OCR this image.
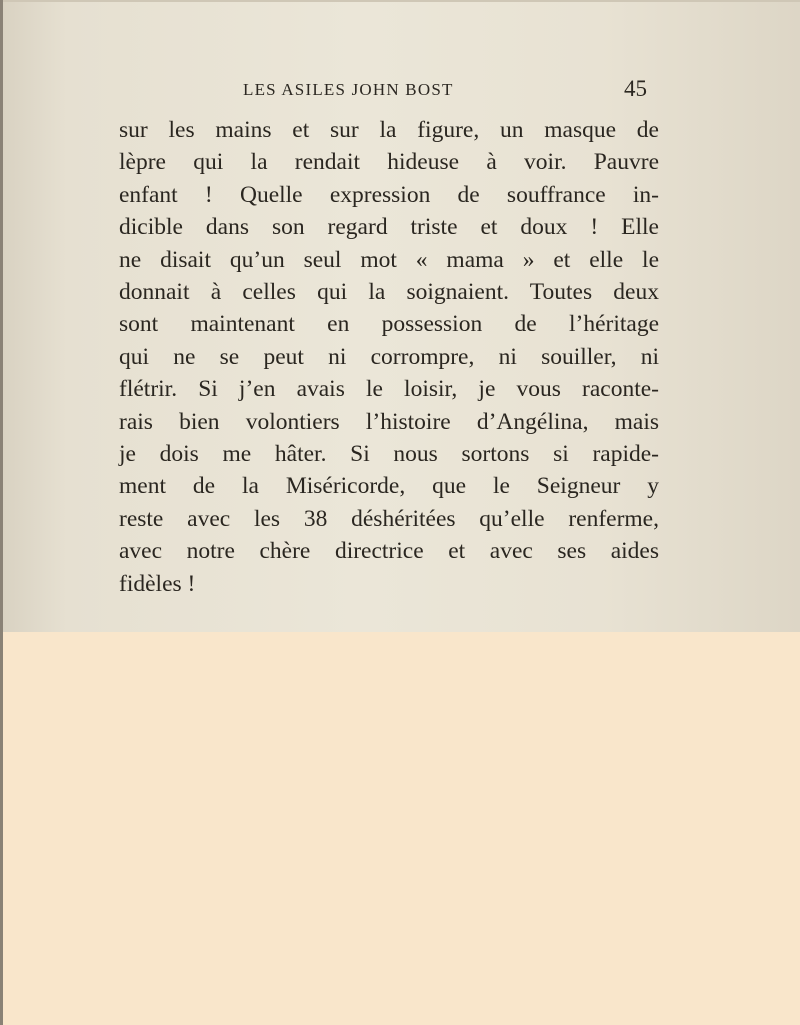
LES ASILES JOHN BOST	45
sur les mains et sur la figure, un masque de
lèpre qui la rendait hideuse à voir. Pauvre
enfant ! Quelle expression de souffrance in-
dicible dans son regard triste et doux ! Elle
ne disait qu’un seul mot « mama » et elle le
donnait à celles qui la soignaient. Toutes deux
sont maintenant en possession de l’héritage
qui ne se peut ni corrompre, ni souiller, ni
flétrir. Si j’en avais le loisir, je vous raconte-
rais bien volontiers l’histoire d’Angélina, mais
je dois me hâter. Si nous sortons si rapide-
ment de la Miséricorde, que le Seigneur y
reste avec les 38 déshéritées qu’elle renferme,
avec notre chère directrice et avec ses aides
fidèles !
